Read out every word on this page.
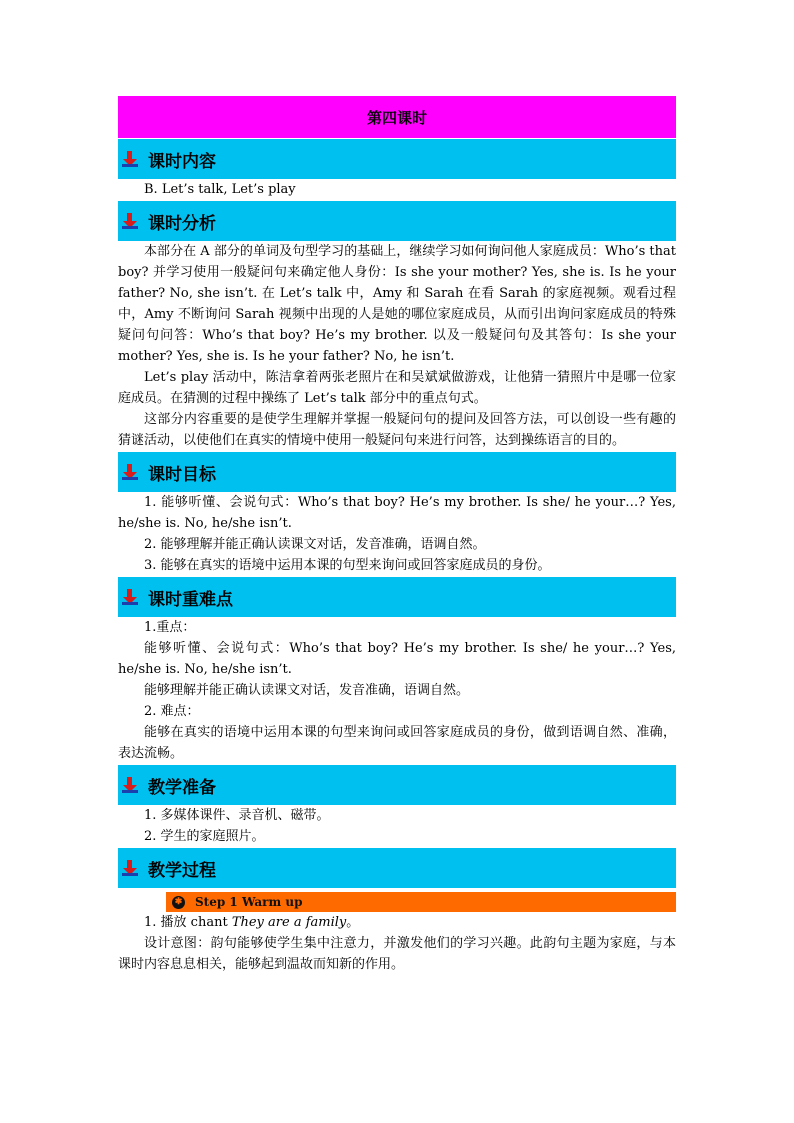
第四课时
课时内容

B. Let’s talk, Let’s play

课时分析

本部分在 A 部分的单词及句型学习的基础上，继续学习如何询问他人家庭成员：Who’s that boy? 并学习使用一般疑问句来确定他人身份：Is she your mother? Yes, she is. Is he your father? No, she isn’t. 在 Let’s talk 中，Amy 和 Sarah 在看 Sarah 的家庭视频。观看过程中，Amy 不断询问 Sarah 视频中出现的人是她的哪位家庭成员，从而引出询问家庭成员的特殊疑问句问答：Who’s that boy? He’s my brother. 以及一般疑问句及其答句：Is she your mother? Yes, she is. Is he your father? No, he isn’t.

Let’s play 活动中，陈洁拿着两张老照片在和吴斌斌做游戏，让他猜一猜照片中是哪一位家庭成员。在猜测的过程中操练了 Let’s talk 部分中的重点句式。

这部分内容重要的是使学生理解并掌握一般疑问句的提问及回答方法，可以创设一些有趣的猜谜活动，以使他们在真实的情境中使用一般疑问句来进行问答，达到操练语言的目的。

课时目标

1. 能够听懂、会说句式：Who’s that boy? He’s my brother. Is she/ he your…? Yes, he/she is. No, he/she isn’t.

2. 能够理解并能正确认读课文对话，发音准确，语调自然。

3. 能够在真实的语境中运用本课的句型来询问或回答家庭成员的身份。

课时重难点

1.重点：

能够听懂、会说句式：Who’s that boy? He’s my brother. Is she/ he your…? Yes, he/she is. No, he/she isn’t.

能够理解并能正确认读课文对话，发音准确，语调自然。

2. 难点：

能够在真实的语境中运用本课的句型来询问或回答家庭成员的身份，做到语调自然、准确，表达流畅。

教学准备

1. 多媒体课件、录音机、磁带。

2. 学生的家庭照片。

教学过程
✱ Step 1 Warm up

1. 播放 chant They are a family。

设计意图：韵句能够使学生集中注意力，并激发他们的学习兴趣。此韵句主题为家庭，与本课时内容息息相关，能够起到温故而知新的作用。
